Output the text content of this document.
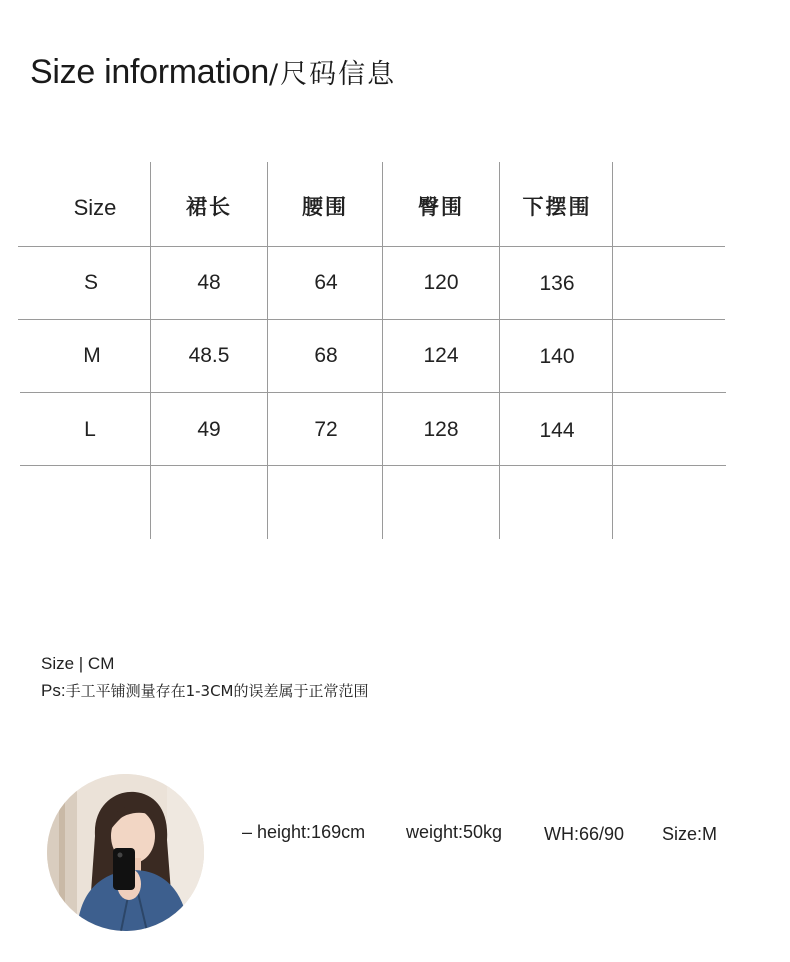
Size information/尺码信息
Size	裙长	腰围	臀围	下摆围
S	48	64	120	136
M	48.5	68	124	140
L	49	72	128	144
Size | CM
Ps:手工平铺测量存在1-3CM的误差属于正常范围
– height:169cm weight:50kg WH:66/90 Size:M
